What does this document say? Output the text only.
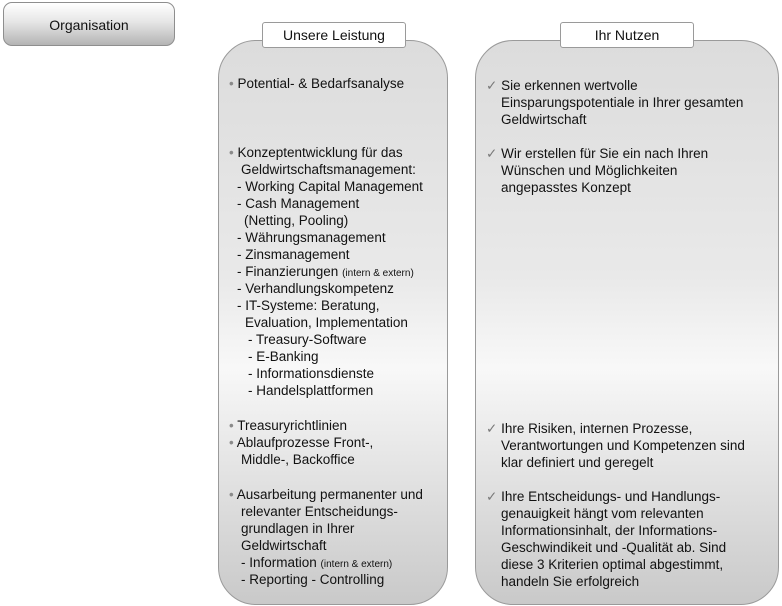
Organisation
Unsere Leistung	Ihr Nutzen
• Potential- & Bedarfsanalyse
• Konzeptentwicklung für das
Geldwirtschaftsmanagement:
- Working Capital Management
- Cash Management
(Netting, Pooling)
- Währungsmanagement
- Zinsmanagement
- Finanzierungen (intern & extern)
- Verhandlungskompetenz
- IT-Systeme: Beratung,
Evaluation, Implementation
- Treasury-Software
- E-Banking
- Informationsdienste
- Handelsplattformen
• Treasuryrichtlinien
• Ablaufprozesse Front-,
Middle-, Backoffice
• Ausarbeitung permanenter und
relevanter Entscheidungs-
grundlagen in Ihrer
Geldwirtschaft
- Information (intern & extern)
- Reporting - Controlling
✓ Sie erkennen wertvolle
Einsparungspotentiale in Ihrer gesamten
Geldwirtschaft
✓ Wir erstellen für Sie ein nach Ihren
Wünschen und Möglichkeiten
angepasstes Konzept
✓ Ihre Risiken, internen Prozesse,
Verantwortungen und Kompetenzen sind
klar definiert und geregelt
✓ Ihre Entscheidungs- und Handlungs-
genauigkeit hängt vom relevanten
Informationsinhalt, der Informations-
Geschwindikeit und -Qualität ab. Sind
diese 3 Kriterien optimal abgestimmt,
handeln Sie erfolgreich
